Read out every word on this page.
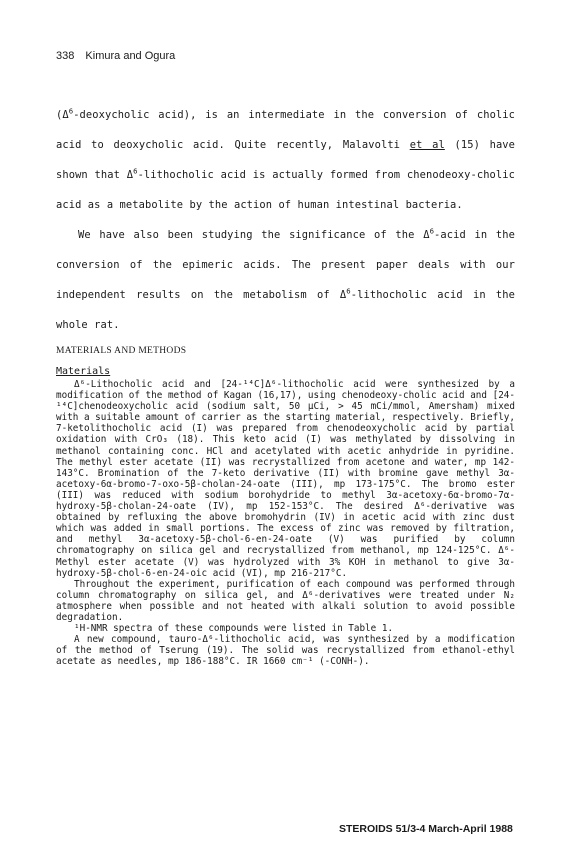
338 Kimura and Ogura

($\Delta^6$-deoxycholic acid), is an intermediate in the conversion of cholic acid to deoxycholic acid. Quite recently, Malavolti et al (15) have shown that $\Delta^6$-lithocholic acid is actually formed from chenodeoxy-cholic acid as a metabolite by the action of human intestinal bacteria.

We have also been studying the significance of the $\Delta^6$-acid in the conversion of the epimeric acids. The present paper deals with our independent results on the metabolism of $\Delta^6$-lithocholic acid in the whole rat.

MATERIALS AND METHODS
Materials

Δ⁶-Lithocholic acid and [24-¹⁴C]Δ⁶-lithocholic acid were synthesized by a modification of the method of Kagan (16,17), using chenodeoxy-cholic acid and [24-¹⁴C]chenodeoxycholic acid (sodium salt, 50 μCi, > 45 mCi/mmol, Amersham) mixed with a suitable amount of carrier as the starting material, respectively. Briefly, 7-ketolithocholic acid (I) was prepared from chenodeoxycholic acid by partial oxidation with CrO₃ (18). This keto acid (I) was methylated by dissolving in methanol containing conc. HCl and acetylated with acetic anhydride in pyridine. The methyl ester acetate (II) was recrystallized from acetone and water, mp 142-143°C. Bromination of the 7-keto derivative (II) with bromine gave methyl 3α-acetoxy-6α-bromo-7-oxo-5β-cholan-24-oate (III), mp 173-175°C. The bromo ester (III) was reduced with sodium borohydride to methyl 3α-acetoxy-6α-bromo-7α-hydroxy-5β-cholan-24-oate (IV), mp 152-153°C. The desired Δ⁶-derivative was obtained by refluxing the above bromohydrin (IV) in acetic acid with zinc dust which was added in small portions. The excess of zinc was removed by filtration, and methyl 3α-acetoxy-5β-chol-6-en-24-oate (V) was purified by column chromatography on silica gel and recrystallized from methanol, mp 124-125°C. Δ⁶-Methyl ester acetate (V) was hydrolyzed with 3% KOH in methanol to give 3α-hydroxy-5β-chol-6-en-24-oic acid (VI), mp 216-217°C.

Throughout the experiment, purification of each compound was performed through column chromatography on silica gel, and Δ⁶-derivatives were treated under N₂ atmosphere when possible and not heated with alkali solution to avoid possible degradation.

¹H-NMR spectra of these compounds were listed in Table 1.

A new compound, tauro-Δ⁶-lithocholic acid, was synthesized by a modification of the method of Tserung (19). The solid was recrystallized from ethanol-ethyl acetate as needles, mp 186-188°C. IR 1660 cm⁻¹ (-CONH-).

STEROIDS 51/3-4 March-April 1988
